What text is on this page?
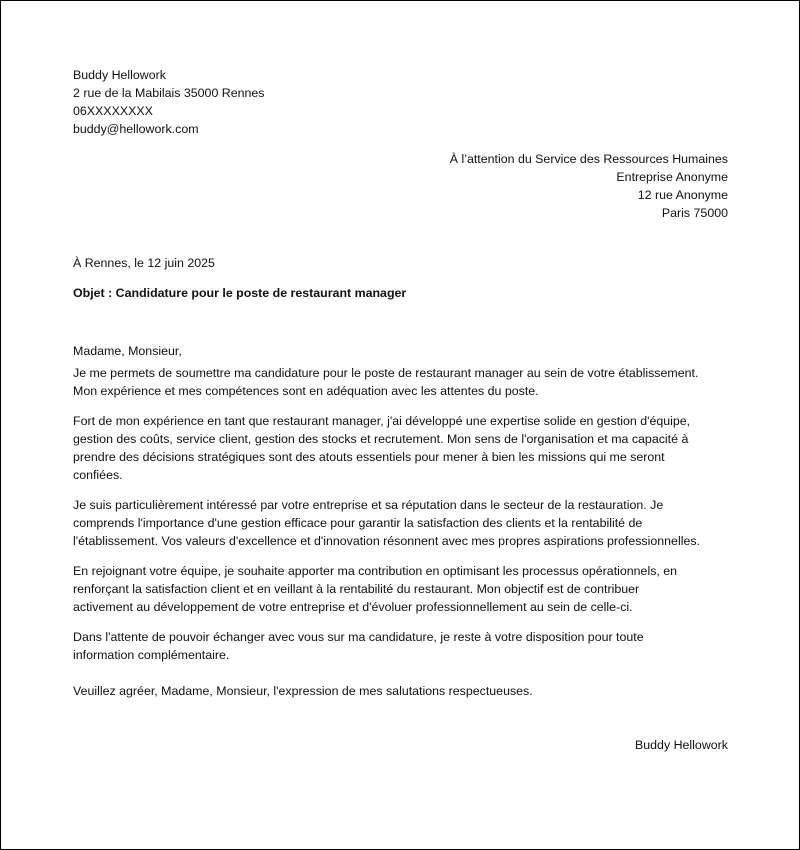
Buddy Hellowork
2 rue de la Mabilais 35000 Rennes
06XXXXXXXX
buddy@hellowork.com
À l’attention du Service des Ressources Humaines
Entreprise Anonyme
12 rue Anonyme
Paris 75000
À Rennes, le 12 juin 2025
Objet : Candidature pour le poste de restaurant manager
Madame, Monsieur,
Je me permets de soumettre ma candidature pour le poste de restaurant manager au sein de votre établissement.
Mon expérience et mes compétences sont en adéquation avec les attentes du poste.
Fort de mon expérience en tant que restaurant manager, j'ai développé une expertise solide en gestion d'équipe,
gestion des coûts, service client, gestion des stocks et recrutement. Mon sens de l'organisation et ma capacité à
prendre des décisions stratégiques sont des atouts essentiels pour mener à bien les missions qui me seront
confiées.
Je suis particulièrement intéressé par votre entreprise et sa réputation dans le secteur de la restauration. Je
comprends l'importance d'une gestion efficace pour garantir la satisfaction des clients et la rentabilité de
l'établissement. Vos valeurs d'excellence et d'innovation résonnent avec mes propres aspirations professionnelles.
En rejoignant votre équipe, je souhaite apporter ma contribution en optimisant les processus opérationnels, en
renforçant la satisfaction client et en veillant à la rentabilité du restaurant. Mon objectif est de contribuer
activement au développement de votre entreprise et d'évoluer professionnellement au sein de celle-ci.
Dans l'attente de pouvoir échanger avec vous sur ma candidature, je reste à votre disposition pour toute
information complémentaire.
Veuillez agréer, Madame, Monsieur, l'expression de mes salutations respectueuses.
Buddy Hellowork
